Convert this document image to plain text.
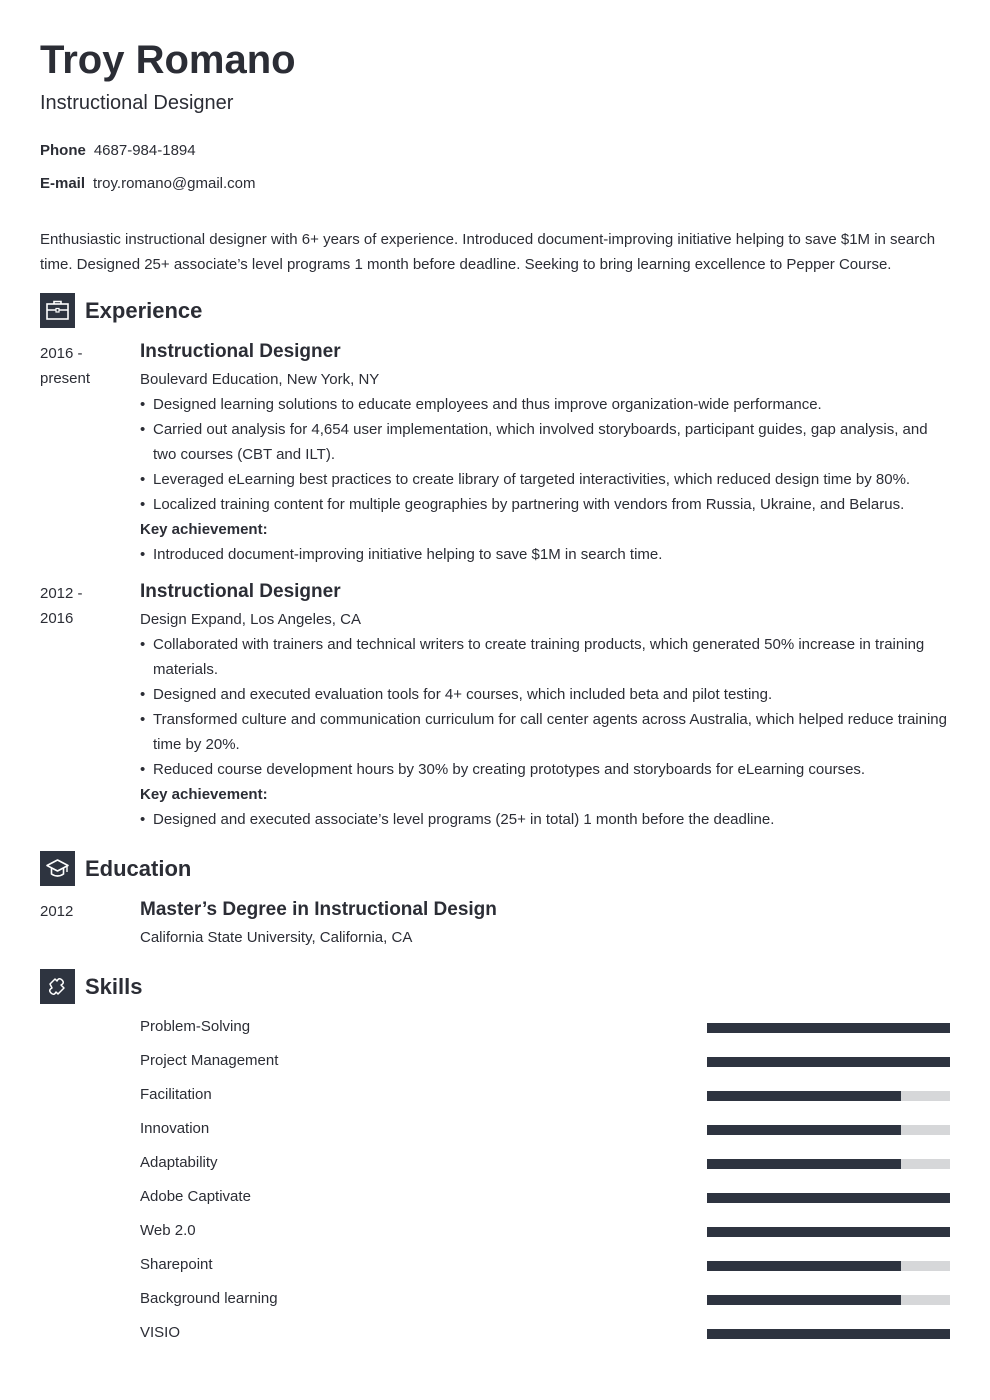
Troy Romano
Instructional Designer
Phone 4687-984-1894
E-mail troy.romano@gmail.com
Enthusiastic instructional designer with 6+ years of experience. Introduced document-improving initiative helping to save $1M in search time. Designed 25+ associate’s level programs 1 month before deadline. Seeking to bring learning excellence to Pepper Course.
Experience
2016 -
present
Instructional Designer
Boulevard Education, New York, NY
• Designed learning solutions to educate employees and thus improve organization-wide performance.
• Carried out analysis for 4,654 user implementation, which involved storyboards, participant guides, gap analysis, and two courses (CBT and ILT).
• Leveraged eLearning best practices to create library of targeted interactivities, which reduced design time by 80%.
• Localized training content for multiple geographies by partnering with vendors from Russia, Ukraine, and Belarus.
Key achievement:
• Introduced document-improving initiative helping to save $1M in search time.
2012 -
2016
Instructional Designer
Design Expand, Los Angeles, CA
• Collaborated with trainers and technical writers to create training products, which generated 50% increase in training materials.
• Designed and executed evaluation tools for 4+ courses, which included beta and pilot testing.
• Transformed culture and communication curriculum for call center agents across Australia, which helped reduce training time by 20%.
• Reduced course development hours by 30% by creating prototypes and storyboards for eLearning courses.
Key achievement:
• Designed and executed associate’s level programs (25+ in total) 1 month before the deadline.
Education
2012	Master’s Degree in Instructional Design
California State University, California, CA
Skills
Problem-Solving
Project Management
Facilitation
Innovation
Adaptability
Adobe Captivate
Web 2.0
Sharepoint
Background learning
VISIO
